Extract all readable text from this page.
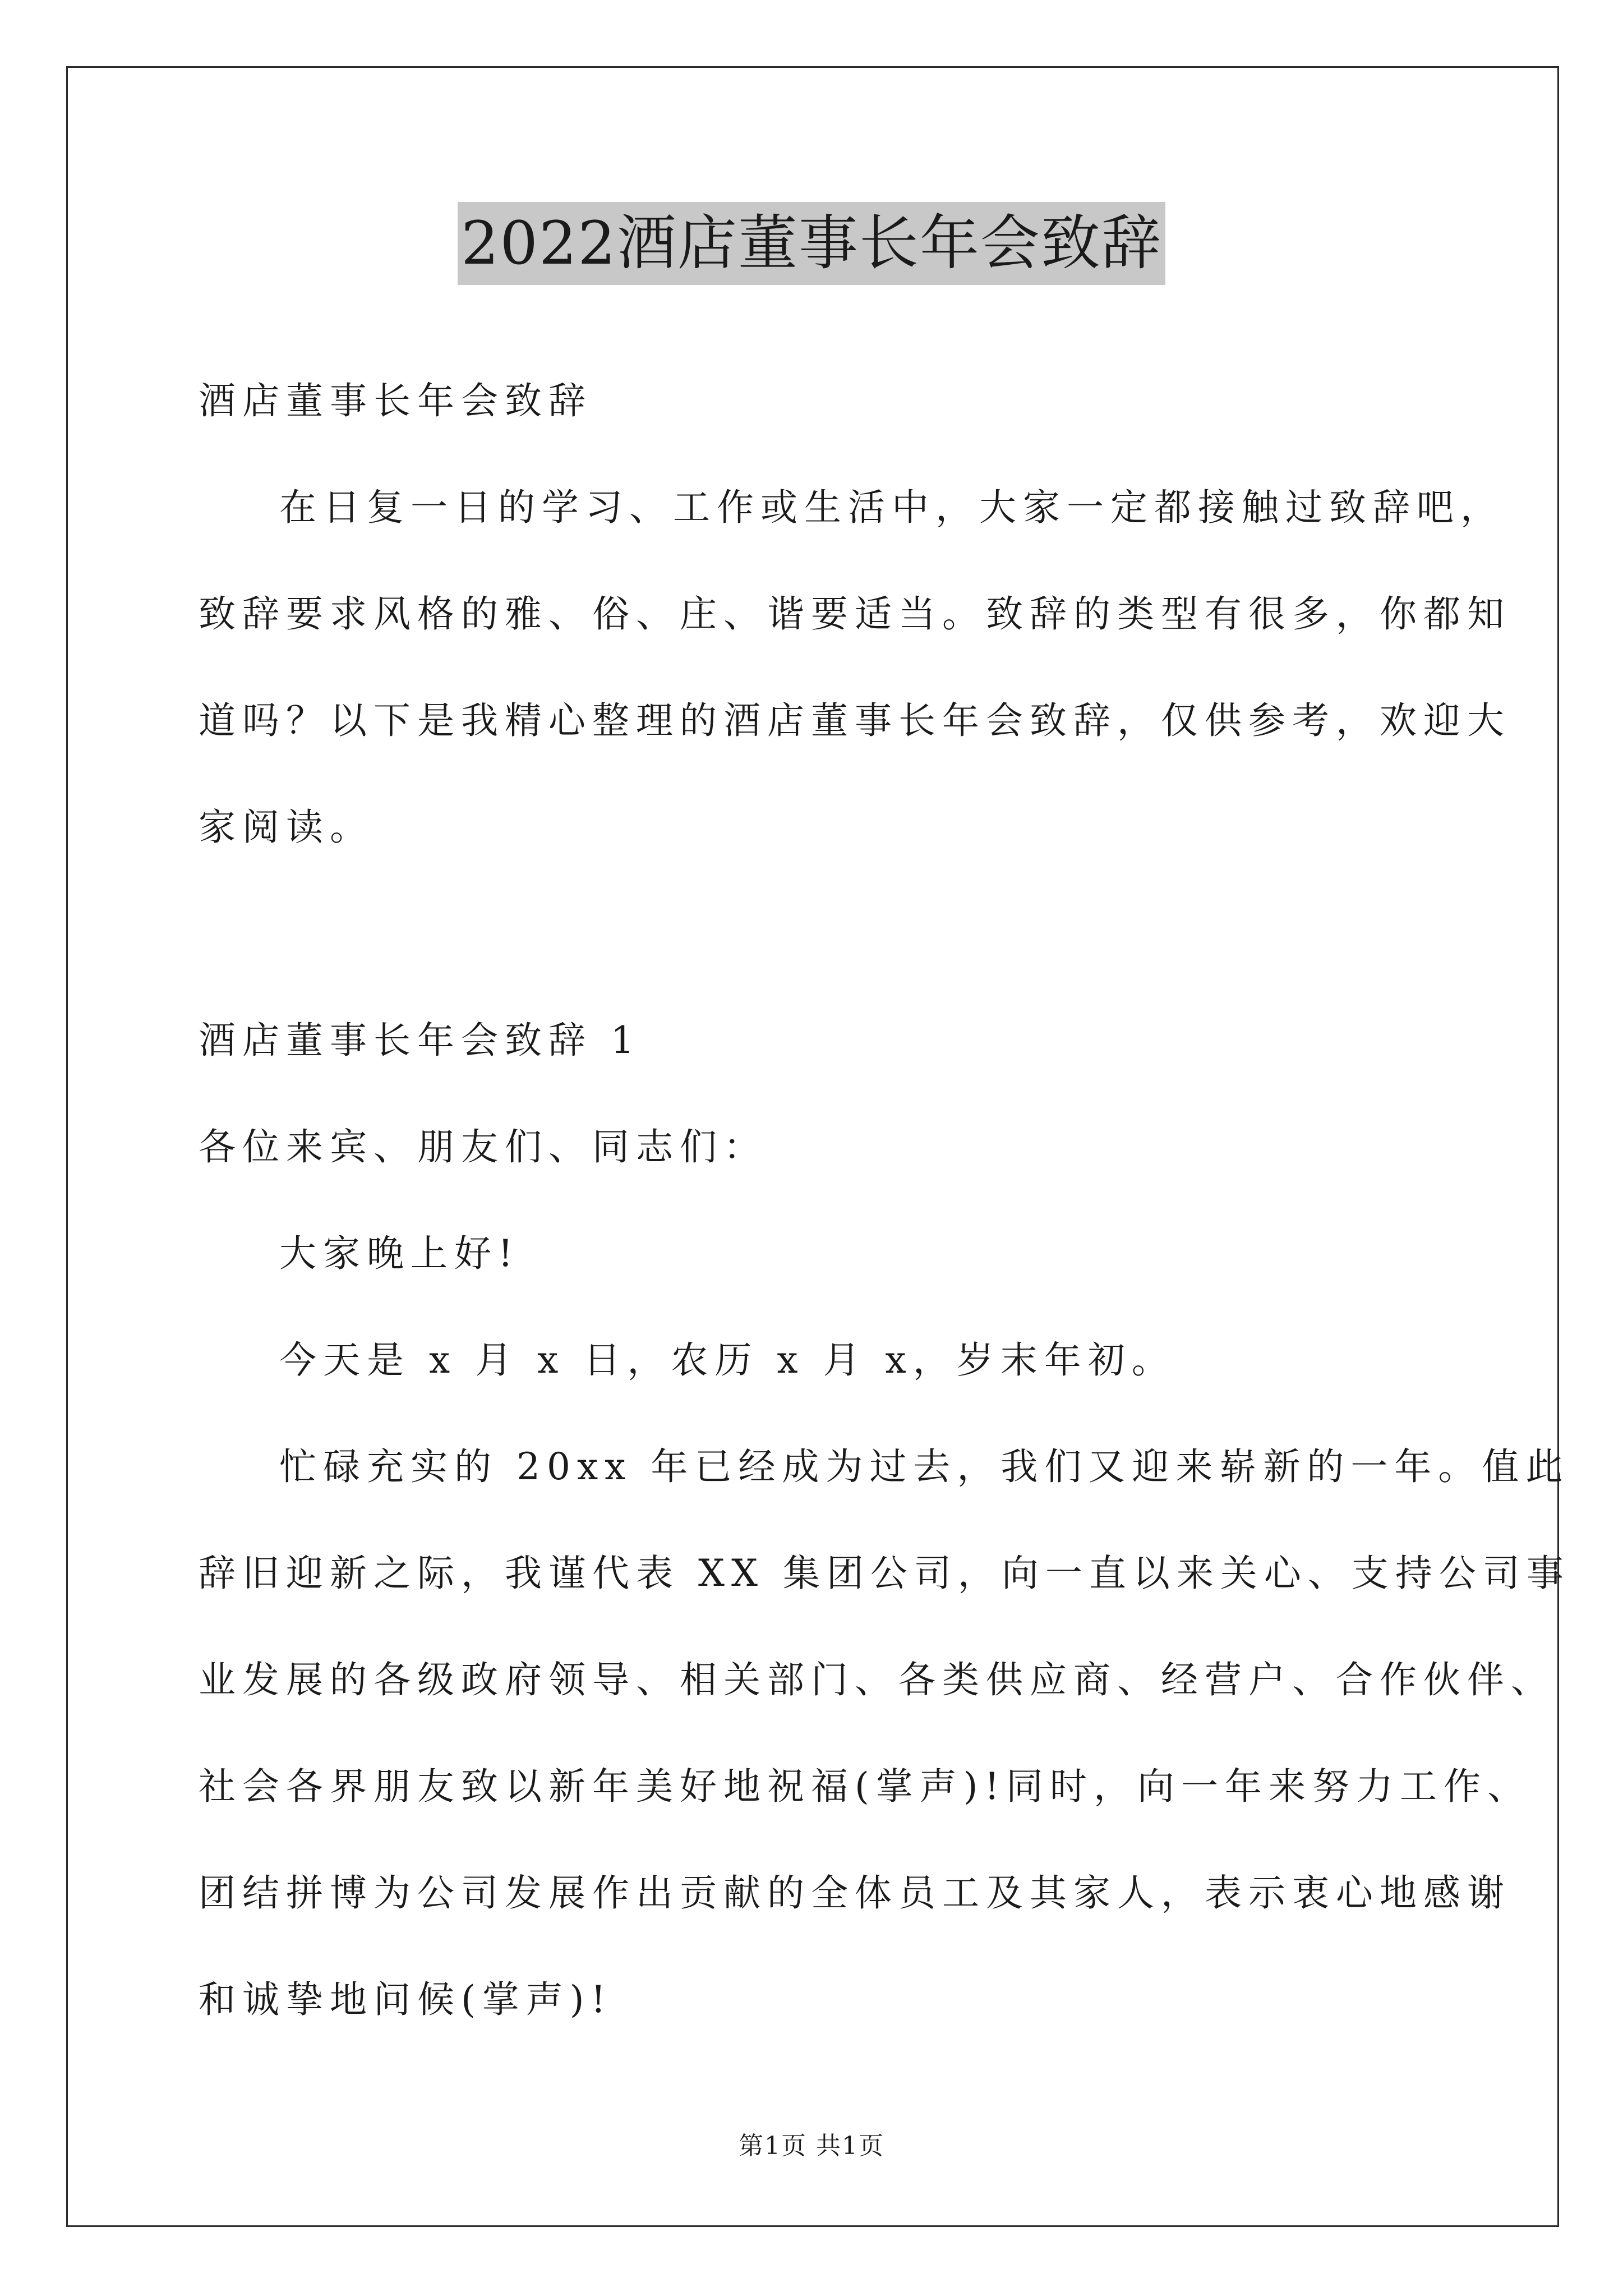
2022酒店董事长年会致辞
酒店董事长年会致辞
在日复一日的学习、工作或生活中，大家一定都接触过致辞吧，
致辞要求风格的雅、俗、庄、谐要适当。致辞的类型有很多，你都知
道吗？以下是我精心整理的酒店董事长年会致辞，仅供参考，欢迎大
家阅读。
酒店董事长年会致辞 1
各位来宾、朋友们、同志们：
大家晚上好!
今天是 x 月 x 日，农历 x 月 x，岁末年初。
忙碌充实的 20xx 年已经成为过去，我们又迎来崭新的一年。值此
辞旧迎新之际，我谨代表 XX 集团公司，向一直以来关心、支持公司事
业发展的各级政府领导、相关部门、各类供应商、经营户、合作伙伴、
社会各界朋友致以新年美好地祝福(掌声)!同时，向一年来努力工作、
团结拼博为公司发展作出贡献的全体员工及其家人，表示衷心地感谢
和诚挚地问候(掌声)!
第1页 共1页
